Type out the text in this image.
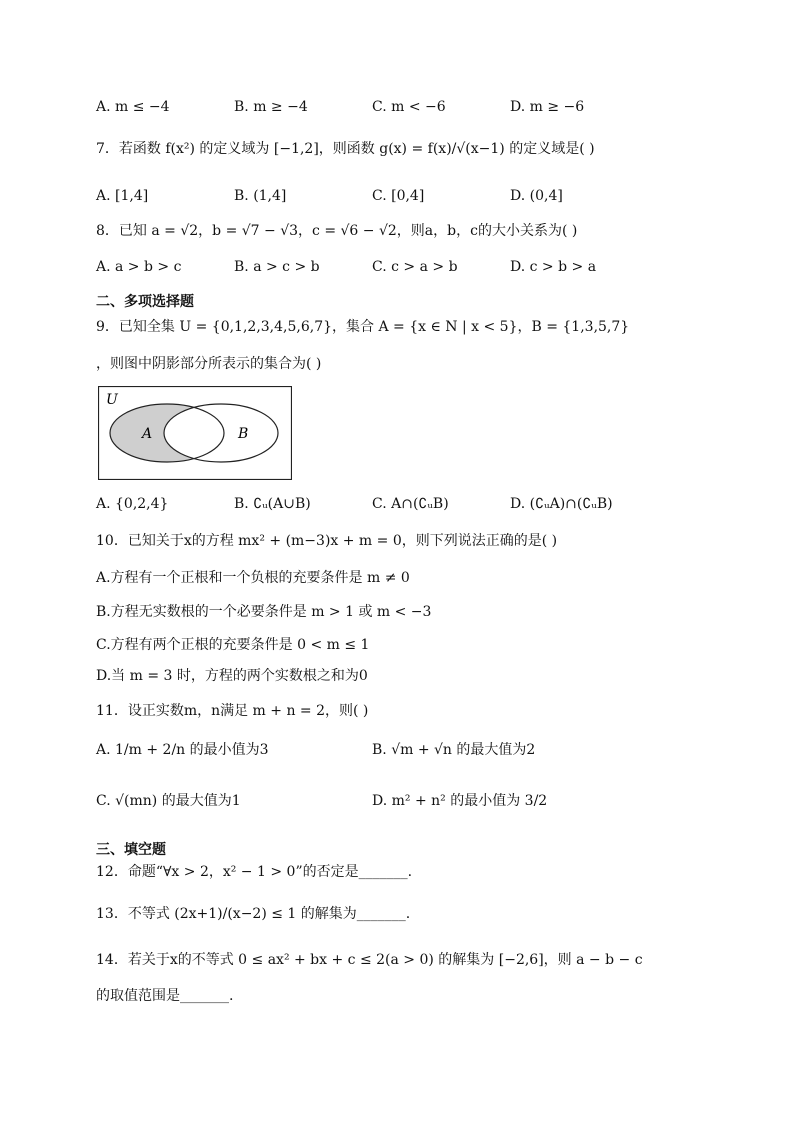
A. m ≤ −4	B. m ≥ −4	C. m < −6	D. m ≥ −6
7．若函数 f(x²) 的定义域为 [−1,2]，则函数 g(x) = f(x)/√(x−1) 的定义域是( )
A. [1,4]	B. (1,4]	C. [0,4]	D. (0,4]
8．已知 a = √2，b = √7 − √3，c = √6 − √2，则a，b，c的大小关系为( )
A. a > b > c	B. a > c > b	C. c > a > b	D. c > b > a
二、多项选择题
9．已知全集 U = {0,1,2,3,4,5,6,7}，集合 A = {x ∈ N | x < 5}，B = {1,3,5,7}
，则图中阴影部分所表示的集合为( )
U
A	B
A. {0,2,4}	B. ∁ᵤ(A∪B)	C. A∩(∁ᵤB)	D. (∁ᵤA)∩(∁ᵤB)
10．已知关于x的方程 mx² + (m−3)x + m = 0，则下列说法正确的是( )
A.方程有一个正根和一个负根的充要条件是 m ≠ 0
B.方程无实数根的一个必要条件是 m > 1 或 m < −3
C.方程有两个正根的充要条件是 0 < m ≤ 1
D.当 m = 3 时，方程的两个实数根之和为0
11．设正实数m，n满足 m + n = 2，则( )
A. 1/m + 2/n 的最小值为3	B. √m + √n 的最大值为2
C. √(mn) 的最大值为1	D. m² + n² 的最小值为 3/2
三、填空题
12．命题“∀x > 2，x² − 1 > 0”的否定是_______.
13．不等式 (2x+1)/(x−2) ≤ 1 的解集为_______.
14．若关于x的不等式 0 ≤ ax² + bx + c ≤ 2(a > 0) 的解集为 [−2,6]，则 a − b − c
的取值范围是_______.
